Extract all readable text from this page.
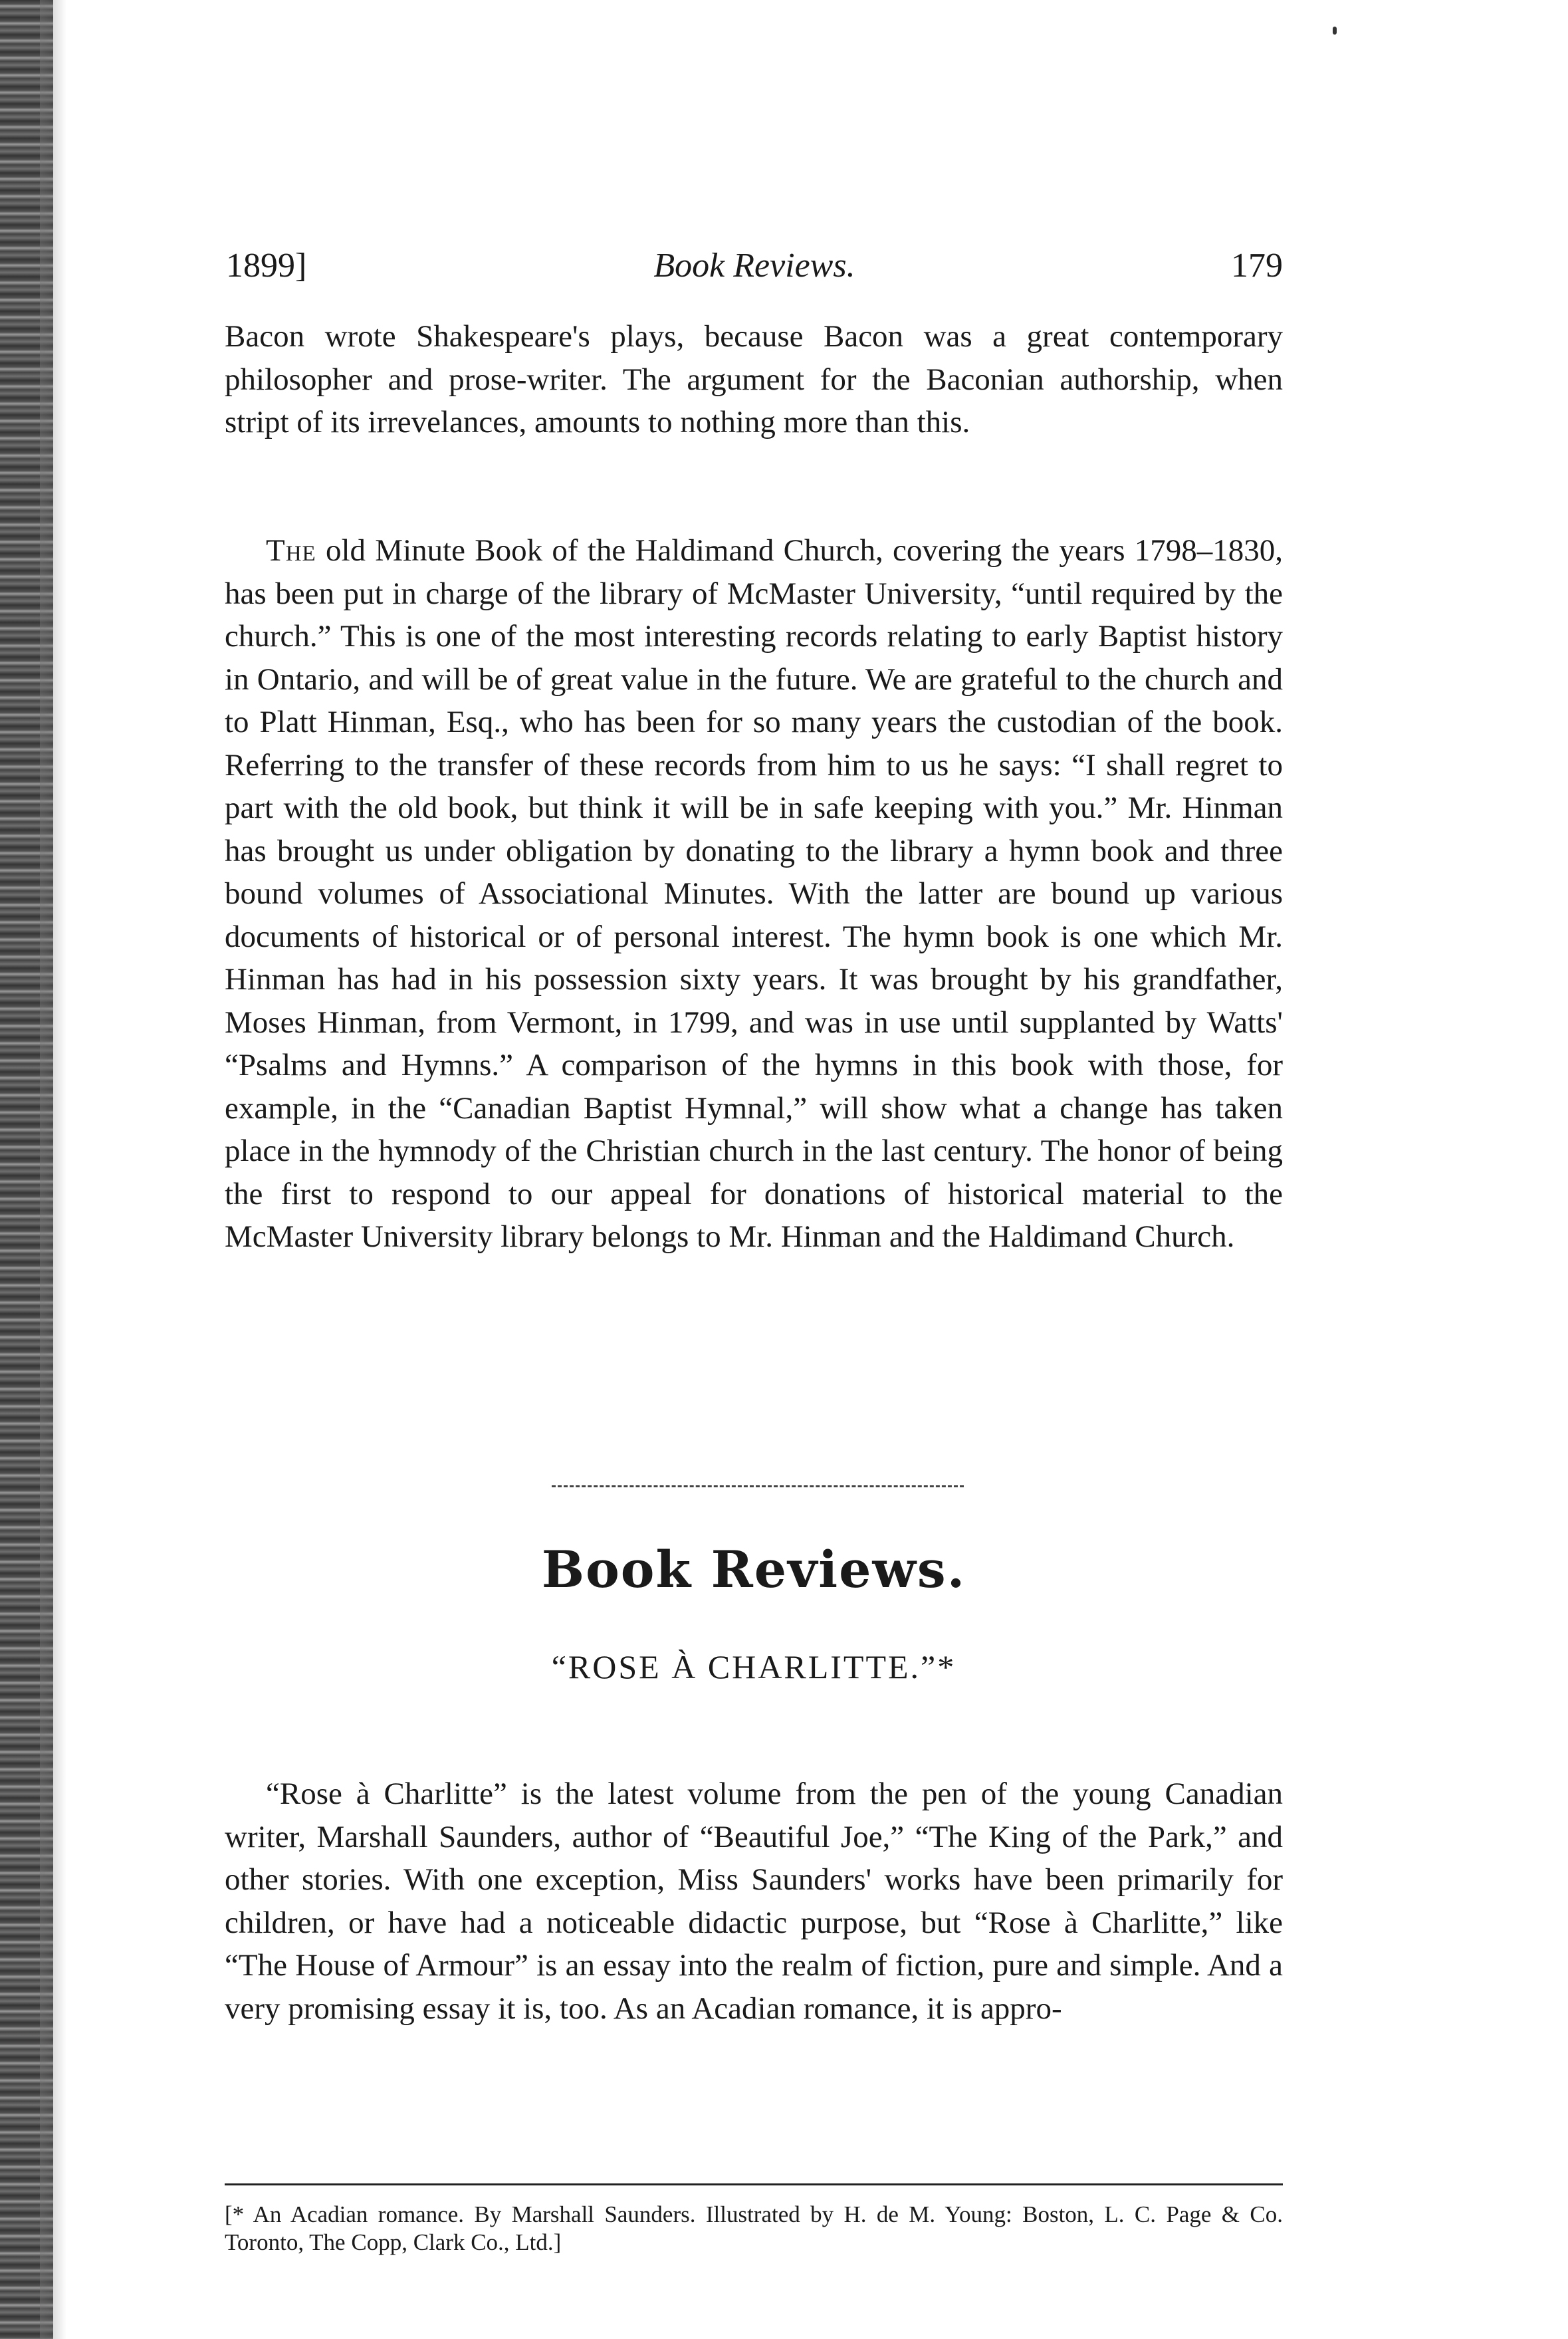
1899]	Book Reviews.	179
Bacon wrote Shakespeare's plays, because Bacon was a great contemporary philosopher and prose-writer. The argument for the Baconian authorship, when stript of its irrevelances, amounts to nothing more than this.
The old Minute Book of the Haldimand Church, covering the years 1798–1830, has been put in charge of the library of McMaster University, “until required by the church.” This is one of the most interesting records relating to early Baptist history in Ontario, and will be of great value in the future. We are grateful to the church and to Platt Hinman, Esq., who has been for so many years the custodian of the book. Referring to the transfer of these records from him to us he says: “I shall regret to part with the old book, but think it will be in safe keeping with you.” Mr. Hinman has brought us under obligation by donating to the library a hymn book and three bound volumes of Associational Minutes. With the latter are bound up various documents of historical or of personal interest. The hymn book is one which Mr. Hinman has had in his possession sixty years. It was brought by his grandfather, Moses Hinman, from Vermont, in 1799, and was in use until supplanted by Watts' “Psalms and Hymns.” A comparison of the hymns in this book with those, for example, in the “Canadian Baptist Hymnal,” will show what a change has taken place in the hymnody of the Christian church in the last century. The honor of being the first to respond to our appeal for donations of historical material to the McMaster University library belongs to Mr. Hinman and the Haldimand Church.
Book Reviews.
“ROSE À CHARLITTE.”*
“Rose à Charlitte” is the latest volume from the pen of the young Canadian writer, Marshall Saunders, author of “Beautiful Joe,” “The King of the Park,” and other stories. With one exception, Miss Saunders' works have been primarily for children, or have had a noticeable didactic purpose, but “Rose à Charlitte,” like “The House of Armour” is an essay into the realm of fiction, pure and simple. And a very promising essay it is, too. As an Acadian romance, it is appro-
[* An Acadian romance. By Marshall Saunders. Illustrated by H. de M. Young: Boston, L. C. Page & Co. Toronto, The Copp, Clark Co., Ltd.]
